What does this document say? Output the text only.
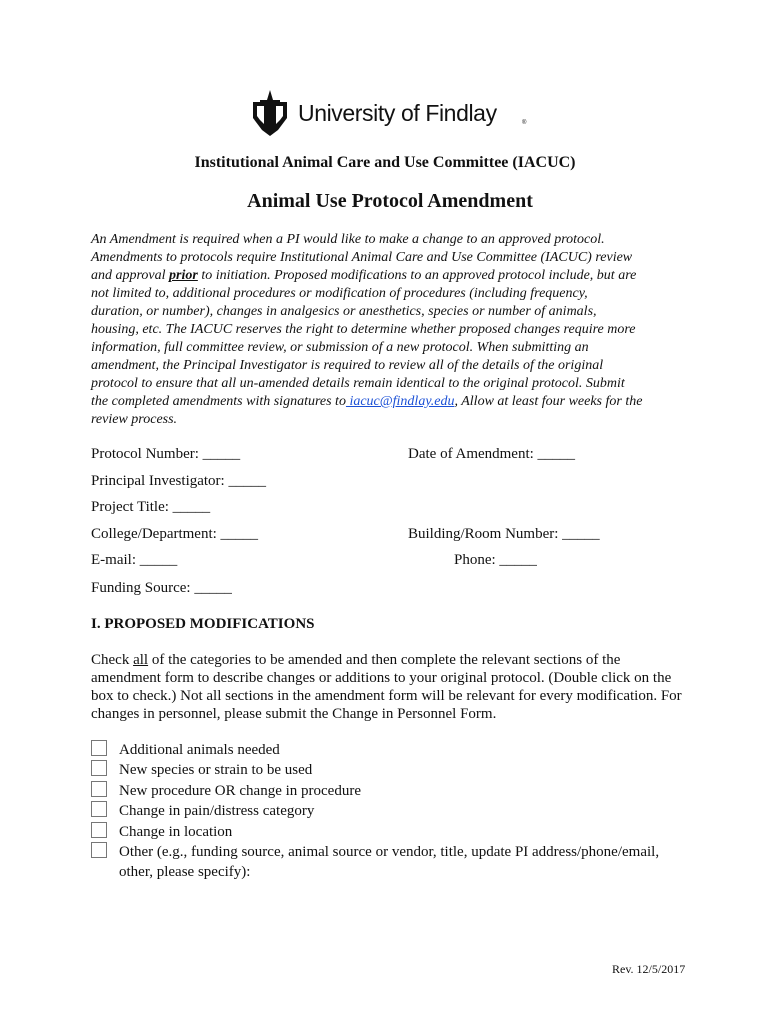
University of Findlay	®
Institutional Animal Care and Use Committee (IACUC)
Animal Use Protocol Amendment
An Amendment is required when a PI would like to make a change to an approved protocol.
Amendments to protocols require Institutional Animal Care and Use Committee (IACUC) review
and approval prior to initiation. Proposed modifications to an approved protocol include, but are
not limited to, additional procedures or modification of procedures (including frequency,
duration, or number), changes in analgesics or anesthetics, species or number of animals,
housing, etc. The IACUC reserves the right to determine whether proposed changes require more
information, full committee review, or submission of a new protocol. When submitting an
amendment, the Principal Investigator is required to review all of the details of the original
protocol to ensure that all un-amended details remain identical to the original protocol. Submit
the completed amendments with signatures to iacuc@findlay.edu, Allow at least four weeks for the
review process.
Protocol Number: _____	Date of Amendment: _____
Principal Investigator: _____
Project Title: _____
College/Department: _____	Building/Room Number: _____
E-mail: _____	Phone: _____
Funding Source: _____
I. PROPOSED MODIFICATIONS
Check all of the categories to be amended and then complete the relevant sections of the
amendment form to describe changes or additions to your original protocol. (Double click on the
box to check.) Not all sections in the amendment form will be relevant for every modification. For
changes in personnel, please submit the Change in Personnel Form.
Additional animals needed
New species or strain to be used
New procedure OR change in procedure
Change in pain/distress category
Change in location
Other (e.g., funding source, animal source or vendor, title, update PI address/phone/email,
other, please specify):
Rev. 12/5/2017
